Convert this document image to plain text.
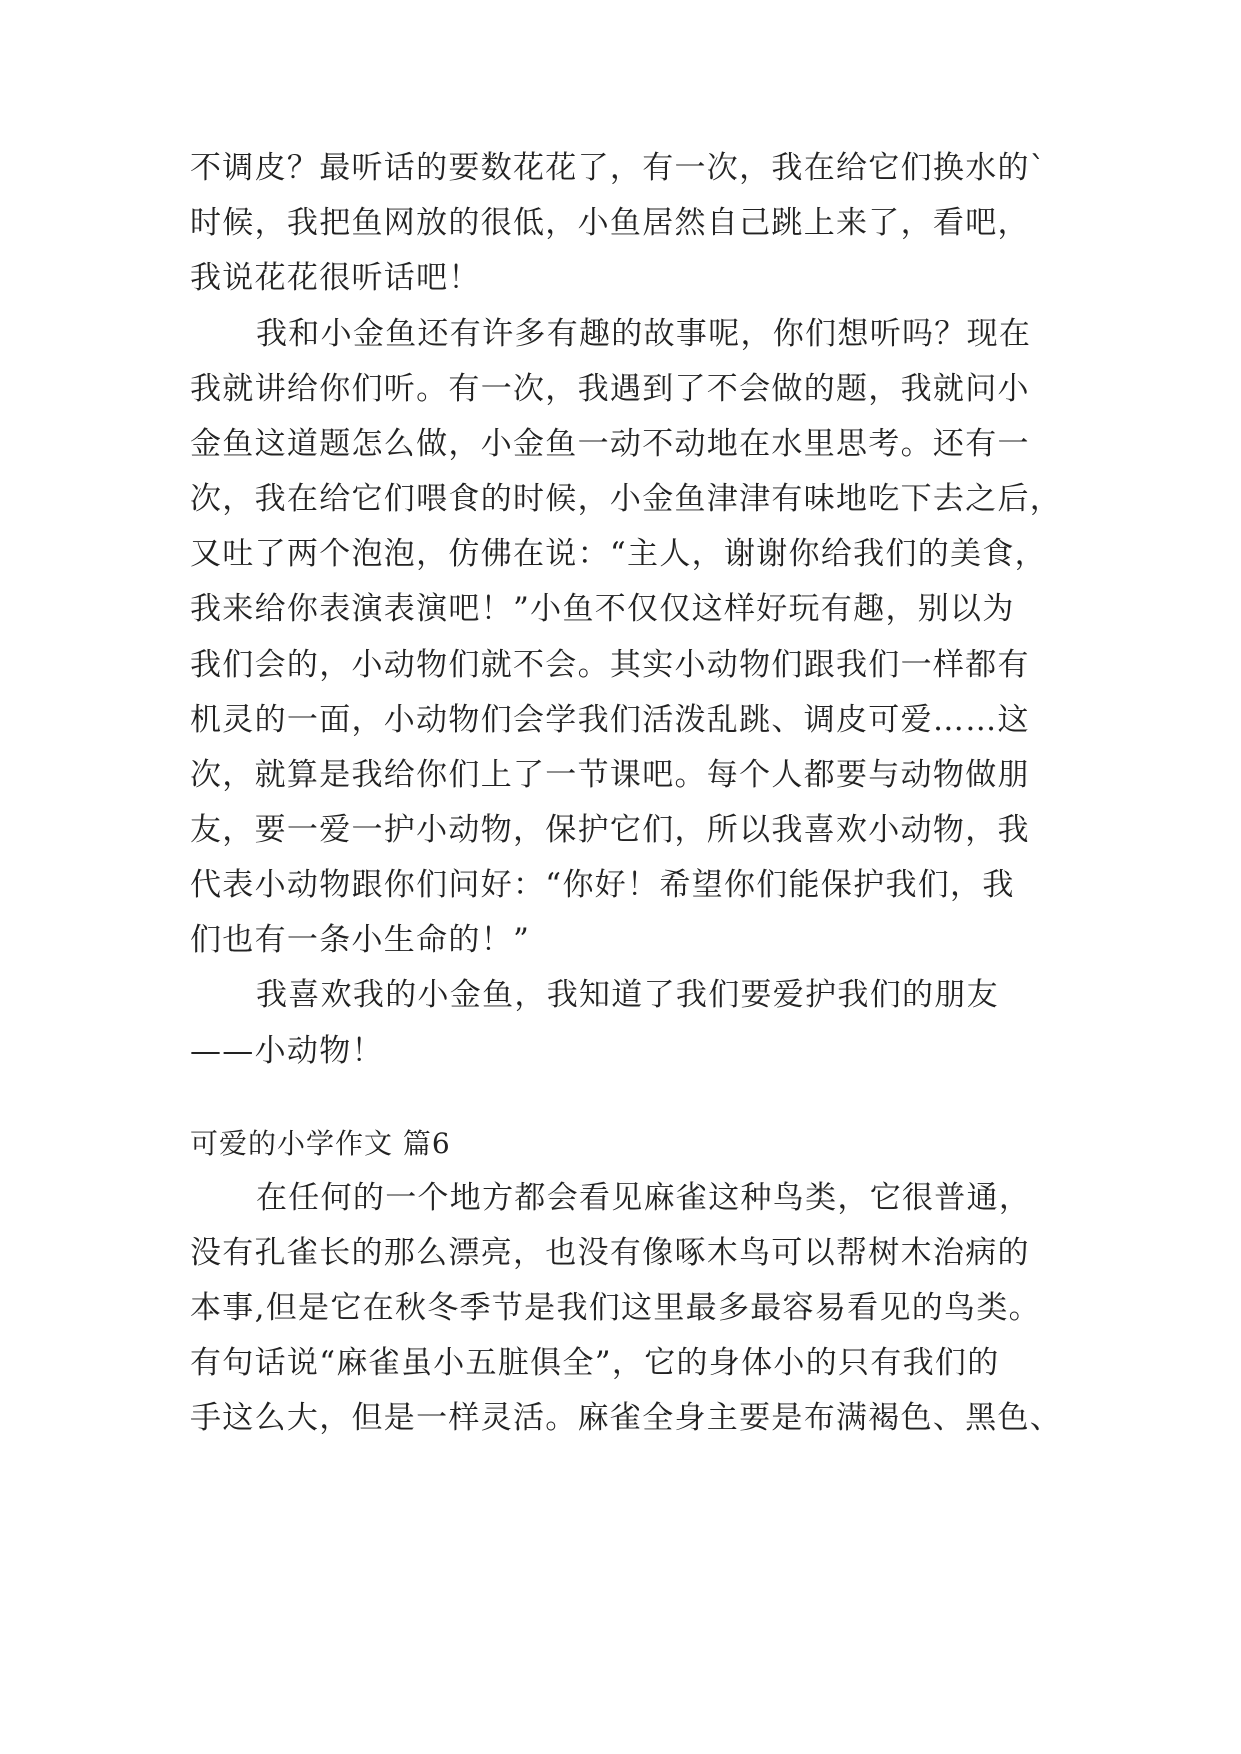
不调皮？最听话的要数花花了，有一次，我在给它们换水的`
时候，我把鱼网放的很低，小鱼居然自己跳上来了，看吧，
我说花花很听话吧！
我和小金鱼还有许多有趣的故事呢，你们想听吗？现在
我就讲给你们听。有一次，我遇到了不会做的题，我就问小
金鱼这道题怎么做，小金鱼一动不动地在水里思考。还有一
次，我在给它们喂食的时候，小金鱼津津有味地吃下去之后，
又吐了两个泡泡，仿佛在说：“主人，谢谢你给我们的美食，
我来给你表演表演吧！”小鱼不仅仅这样好玩有趣，别以为
我们会的，小动物们就不会。其实小动物们跟我们一样都有
机灵的一面，小动物们会学我们活泼乱跳、调皮可爱……这
次，就算是我给你们上了一节课吧。每个人都要与动物做朋
友，要一爱一护小动物，保护它们，所以我喜欢小动物，我
代表小动物跟你们问好：“你好！希望你们能保护我们，我
们也有一条小生命的！”
我喜欢我的小金鱼，我知道了我们要爱护我们的朋友
——小动物！
可爱的小学作文 篇6
在任何的一个地方都会看见麻雀这种鸟类，它很普通，
没有孔雀长的那么漂亮，也没有像啄木鸟可以帮树木治病的
本事,但是它在秋冬季节是我们这里最多最容易看见的鸟类。
有句话说“麻雀虽小五脏俱全”，它的身体小的只有我们的
手这么大，但是一样灵活。麻雀全身主要是布满褐色、黑色、
